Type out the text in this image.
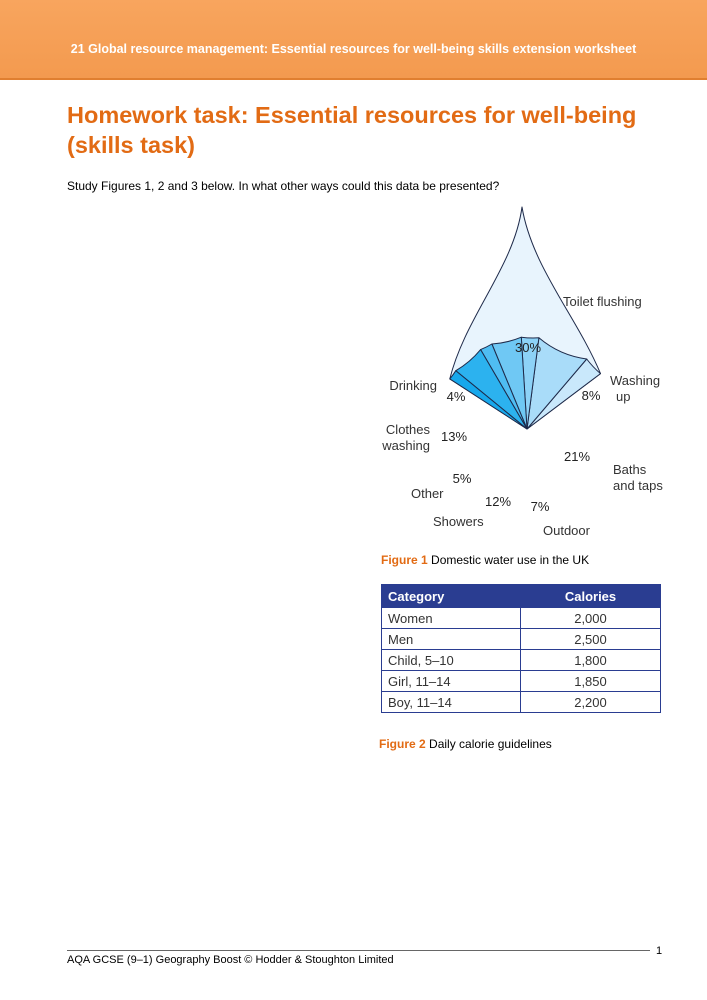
21 Global resource management: Essential resources for well-being skills extension worksheet
Homework task: Essential resources for well-being (skills task)
Study Figures 1, 2 and 3 below. In what other ways could this data be presented?
30%
8%
21%
7%
12%
5%
13%
4%
Toilet flushing
Washing up
Baths and taps
Outdoor
Showers
Other
Clothes washing
Drinking
Figure 1 Domestic water use in the UK
Category	Calories
Women	2,000
Men	2,500
Child, 5–10	1,800
Girl, 11–14	1,850
Boy, 11–14	2,200
Figure 2 Daily calorie guidelines
AQA GCSE (9–1) Geography Boost © Hodder & Stoughton Limited
1
